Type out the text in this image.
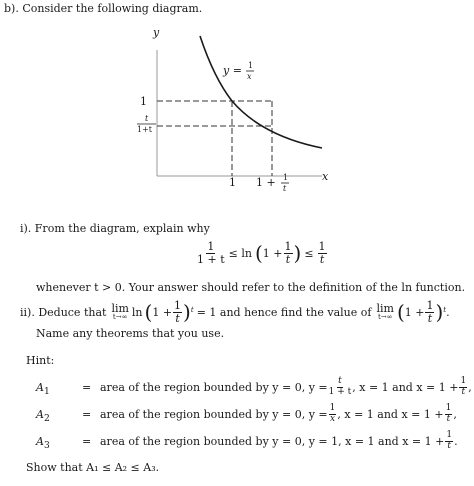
b). Consider the following diagram.
y
x
y = 1
x
1
t
1+t
1 1 + 1
t
i). From the diagram, explain why
$\frac{1}{1 + t} \le \ln$ ( $1 + \frac{1}{t}$ ) ≤ $\frac{1}{t}$
whenever t > 0. Your answer should refer to the definition of the ln function.
ii). Deduce that lim
t→∞ ln ( $1 + \frac{1}{t}$ ) t = 1 and hence find the value of lim
t→∞ ( $1 + \frac{1}{t}$ ) t .
Name any theorems that you use.
Hint:
$A_1$	= area of the region bounded by y = 0, $y = \frac{t}{1 + t}$ , x = 1 and $x = 1 + \frac{1}{t}$ ,
$A_2$	= area of the region bounded by y = 0, $y = \frac{1}{x}$ , x = 1 and $x = 1 + \frac{1}{t}$ ,
$A_3$	= area of the region bounded by y = 0, y = 1, x = 1 and $x = 1 + \frac{1}{t}$ .
Show that A₁ ≤ A₂ ≤ A₃.
